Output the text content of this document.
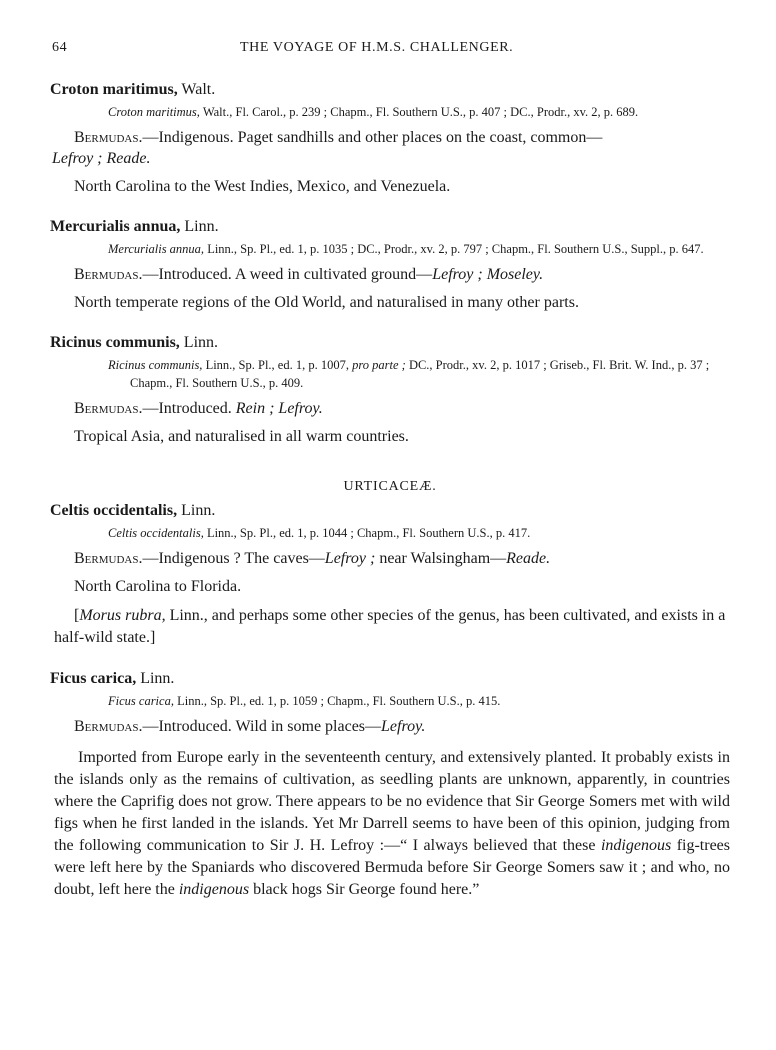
64	THE VOYAGE OF H.M.S. CHALLENGER.

Croton maritimus, Walt.

Croton maritimus, Walt., Fl. Carol., p. 239 ; Chapm., Fl. Southern U.S., p. 407 ; DC., Prodr., xv. 2, p. 689.

Bermudas.—Indigenous. Paget sandhills and other places on the coast, common—
Lefroy ; Reade.

North Carolina to the West Indies, Mexico, and Venezuela.

Mercurialis annua, Linn.

Mercurialis annua, Linn., Sp. Pl., ed. 1, p. 1035 ; DC., Prodr., xv. 2, p. 797 ; Chapm., Fl. Southern U.S., Suppl., p. 647.

Bermudas.—Introduced. A weed in cultivated ground—Lefroy ; Moseley.

North temperate regions of the Old World, and naturalised in many other parts.

Ricinus communis, Linn.

Ricinus communis, Linn., Sp. Pl., ed. 1, p. 1007, pro parte ; DC., Prodr., xv. 2, p. 1017 ; Griseb., Fl. Brit. W. Ind., p. 37 ; Chapm., Fl. Southern U.S., p. 409.

Bermudas.—Introduced. Rein ; Lefroy.

Tropical Asia, and naturalised in all warm countries.

URTICACEÆ.

Celtis occidentalis, Linn.

Celtis occidentalis, Linn., Sp. Pl., ed. 1, p. 1044 ; Chapm., Fl. Southern U.S., p. 417.

Bermudas.—Indigenous ? The caves—Lefroy ; near Walsingham—Reade.

North Carolina to Florida.

[Morus rubra, Linn., and perhaps some other species of the genus, has been cultivated, and exists in a half-wild state.]

Ficus carica, Linn.

Ficus carica, Linn., Sp. Pl., ed. 1, p. 1059 ; Chapm., Fl. Southern U.S., p. 415.

Bermudas.—Introduced. Wild in some places—Lefroy.

Imported from Europe early in the seventeenth century, and extensively planted. It probably exists in the islands only as the remains of cultivation, as seedling plants are unknown, apparently, in countries where the Caprifig does not grow. There appears to be no evidence that Sir George Somers met with wild figs when he first landed in the islands. Yet Mr Darrell seems to have been of this opinion, judging from the following communication to Sir J. H. Lefroy :—“ I always believed that these indigenous fig-trees were left here by the Spaniards who discovered Bermuda before Sir George Somers saw it ; and who, no doubt, left here the indigenous black hogs Sir George found here.”
